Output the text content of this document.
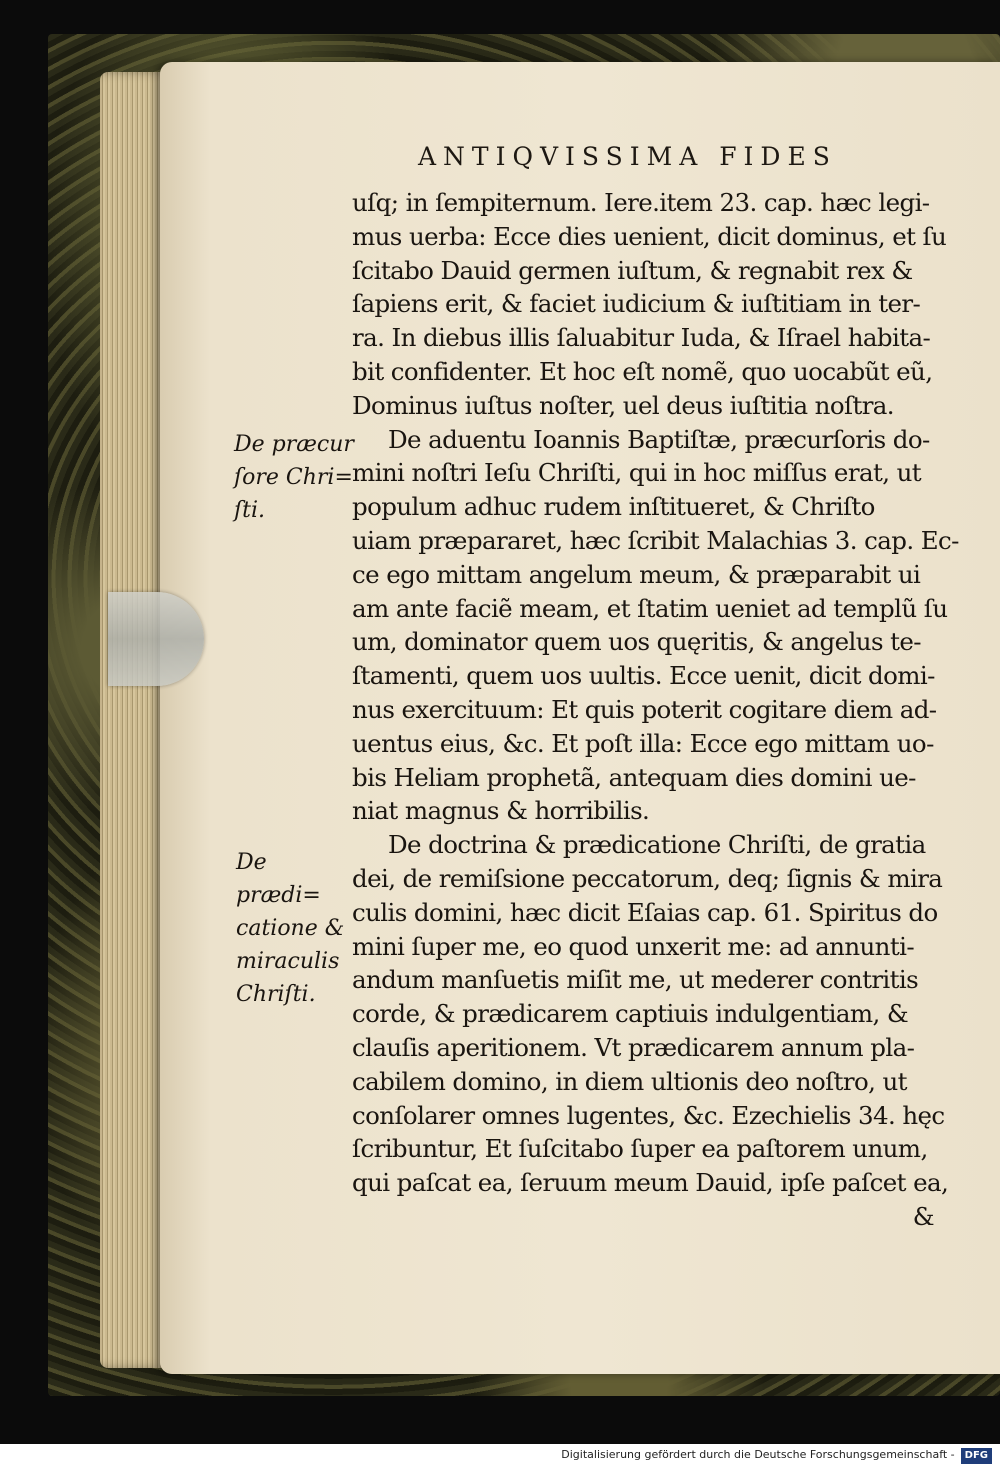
ANTIQVISSIMA FIDES
uſq; in ſempiternum. Iere.item 23. cap. hæc legi-
mus uerba: Ecce dies uenient, dicit dominus, et ſu
ſcitabo Dauid germen iuſtum, & regnabit rex &
ſapiens erit, & faciet iudicium & iuſtitiam in ter-
ra. In diebus illis ſaluabitur Iuda, & Iſrael habita-
bit confidenter. Et hoc eſt nomẽ, quo uocabũt eũ,
Dominus iuſtus noſter, uel deus iuſtitia noſtra.
De aduentu Ioannis Baptiſtæ, præcurſoris do-
mini noſtri Ieſu Chriſti, qui in hoc miſſus erat, ut
populum adhuc rudem inſtitueret, & Chriſto
uiam præpararet, hæc ſcribit Malachias 3. cap. Ec-
ce ego mittam angelum meum, & præparabit ui
am ante faciẽ meam, et ſtatim ueniet ad templũ ſu
um, dominator quem uos quęritis, & angelus te-
ſtamenti, quem uos uultis. Ecce uenit, dicit domi-
nus exercituum: Et quis poterit cogitare diem ad-
uentus eius, &c. Et poſt illa: Ecce ego mittam uo-
bis Heliam prophetã, antequam dies domini ue-
niat magnus & horribilis.
De doctrina & prædicatione Chriſti, de gratia
dei, de remiſsione peccatorum, deq; ſignis & mira
culis domini, hæc dicit Eſaias cap. 61. Spiritus do
mini ſuper me, eo quod unxerit me: ad annunti-
andum manſuetis miſit me, ut mederer contritis
corde, & prædicarem captiuis indulgentiam, &
clauſis aperitionem. Vt prædicarem annum pla-
cabilem domino, in diem ultionis deo noſtro, ut
conſolarer omnes lugentes, &c. Ezechielis 34. hęc
ſcribuntur, Et ſuſcitabo ſuper ea paſtorem unum,
qui paſcat ea, ſeruum meum Dauid, ipſe paſcet ea,
&
De præcur
ſore Chri=
ſti.
De prædi=
catione &
miraculis
Chriſti.
Digitalisierung gefördert durch die Deutsche Forschungsgemeinschaft - DFG
